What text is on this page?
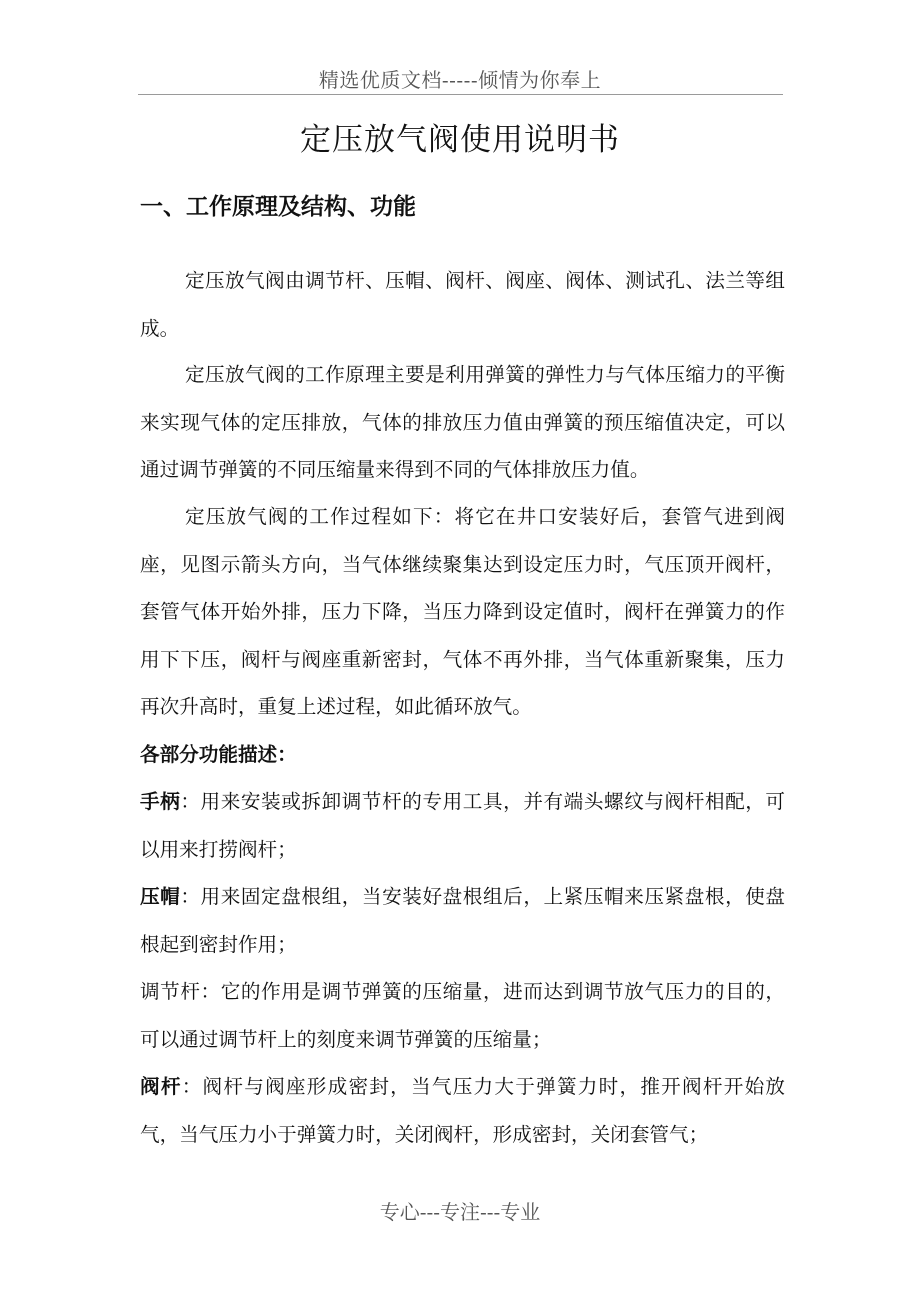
精选优质文档-----倾情为你奉上
定压放气阀使用说明书
一、工作原理及结构、功能
定压放气阀由调节杆、压帽、阀杆、阀座、阀体、测试孔、法兰等组成。
定压放气阀的工作原理主要是利用弹簧的弹性力与气体压缩力的平衡来实现气体的定压排放，气体的排放压力值由弹簧的预压缩值决定，可以通过调节弹簧的不同压缩量来得到不同的气体排放压力值。
定压放气阀的工作过程如下：将它在井口安装好后，套管气进到阀座，见图示箭头方向，当气体继续聚集达到设定压力时，气压顶开阀杆，套管气体开始外排，压力下降，当压力降到设定值时，阀杆在弹簧力的作用下下压，阀杆与阀座重新密封，气体不再外排，当气体重新聚集，压力再次升高时，重复上述过程，如此循环放气。
各部分功能描述：
手柄：用来安装或拆卸调节杆的专用工具，并有端头螺纹与阀杆相配，可以用来打捞阀杆；
压帽：用来固定盘根组，当安装好盘根组后，上紧压帽来压紧盘根，使盘根起到密封作用；
调节杆：它的作用是调节弹簧的压缩量，进而达到调节放气压力的目的，可以通过调节杆上的刻度来调节弹簧的压缩量；
阀杆：阀杆与阀座形成密封，当气压力大于弹簧力时，推开阀杆开始放气，当气压力小于弹簧力时，关闭阀杆，形成密封，关闭套管气；
专心---专注---专业
